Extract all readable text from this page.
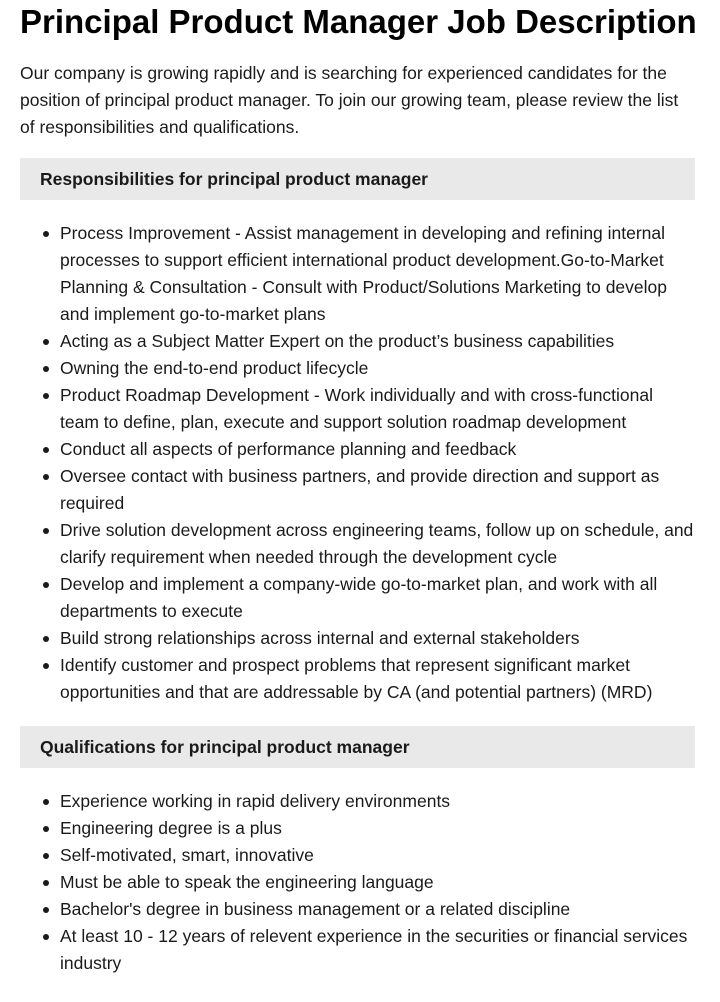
Principal Product Manager Job Description

Our company is growing rapidly and is searching for experienced candidates for the position of principal product manager. To join our growing team, please review the list of responsibilities and qualifications.

Responsibilities for principal product manager
Process Improvement - Assist management in developing and refining internal processes to support efficient international product development.Go-to-Market Planning & Consultation - Consult with Product/Solutions Marketing to develop and implement go-to-market plans
Acting as a Subject Matter Expert on the product’s business capabilities
Owning the end-to-end product lifecycle
Product Roadmap Development - Work individually and with cross-functional team to define, plan, execute and support solution roadmap development
Conduct all aspects of performance planning and feedback
Oversee contact with business partners, and provide direction and support as required
Drive solution development across engineering teams, follow up on schedule, and clarify requirement when needed through the development cycle
Develop and implement a company-wide go-to-market plan, and work with all departments to execute
Build strong relationships across internal and external stakeholders
Identify customer and prospect problems that represent significant market opportunities and that are addressable by CA (and potential partners) (MRD)
Qualifications for principal product manager
Experience working in rapid delivery environments
Engineering degree is a plus
Self-motivated, smart, innovative
Must be able to speak the engineering language
Bachelor's degree in business management or a related discipline
At least 10 - 12 years of relevent experience in the securities or financial services industry
